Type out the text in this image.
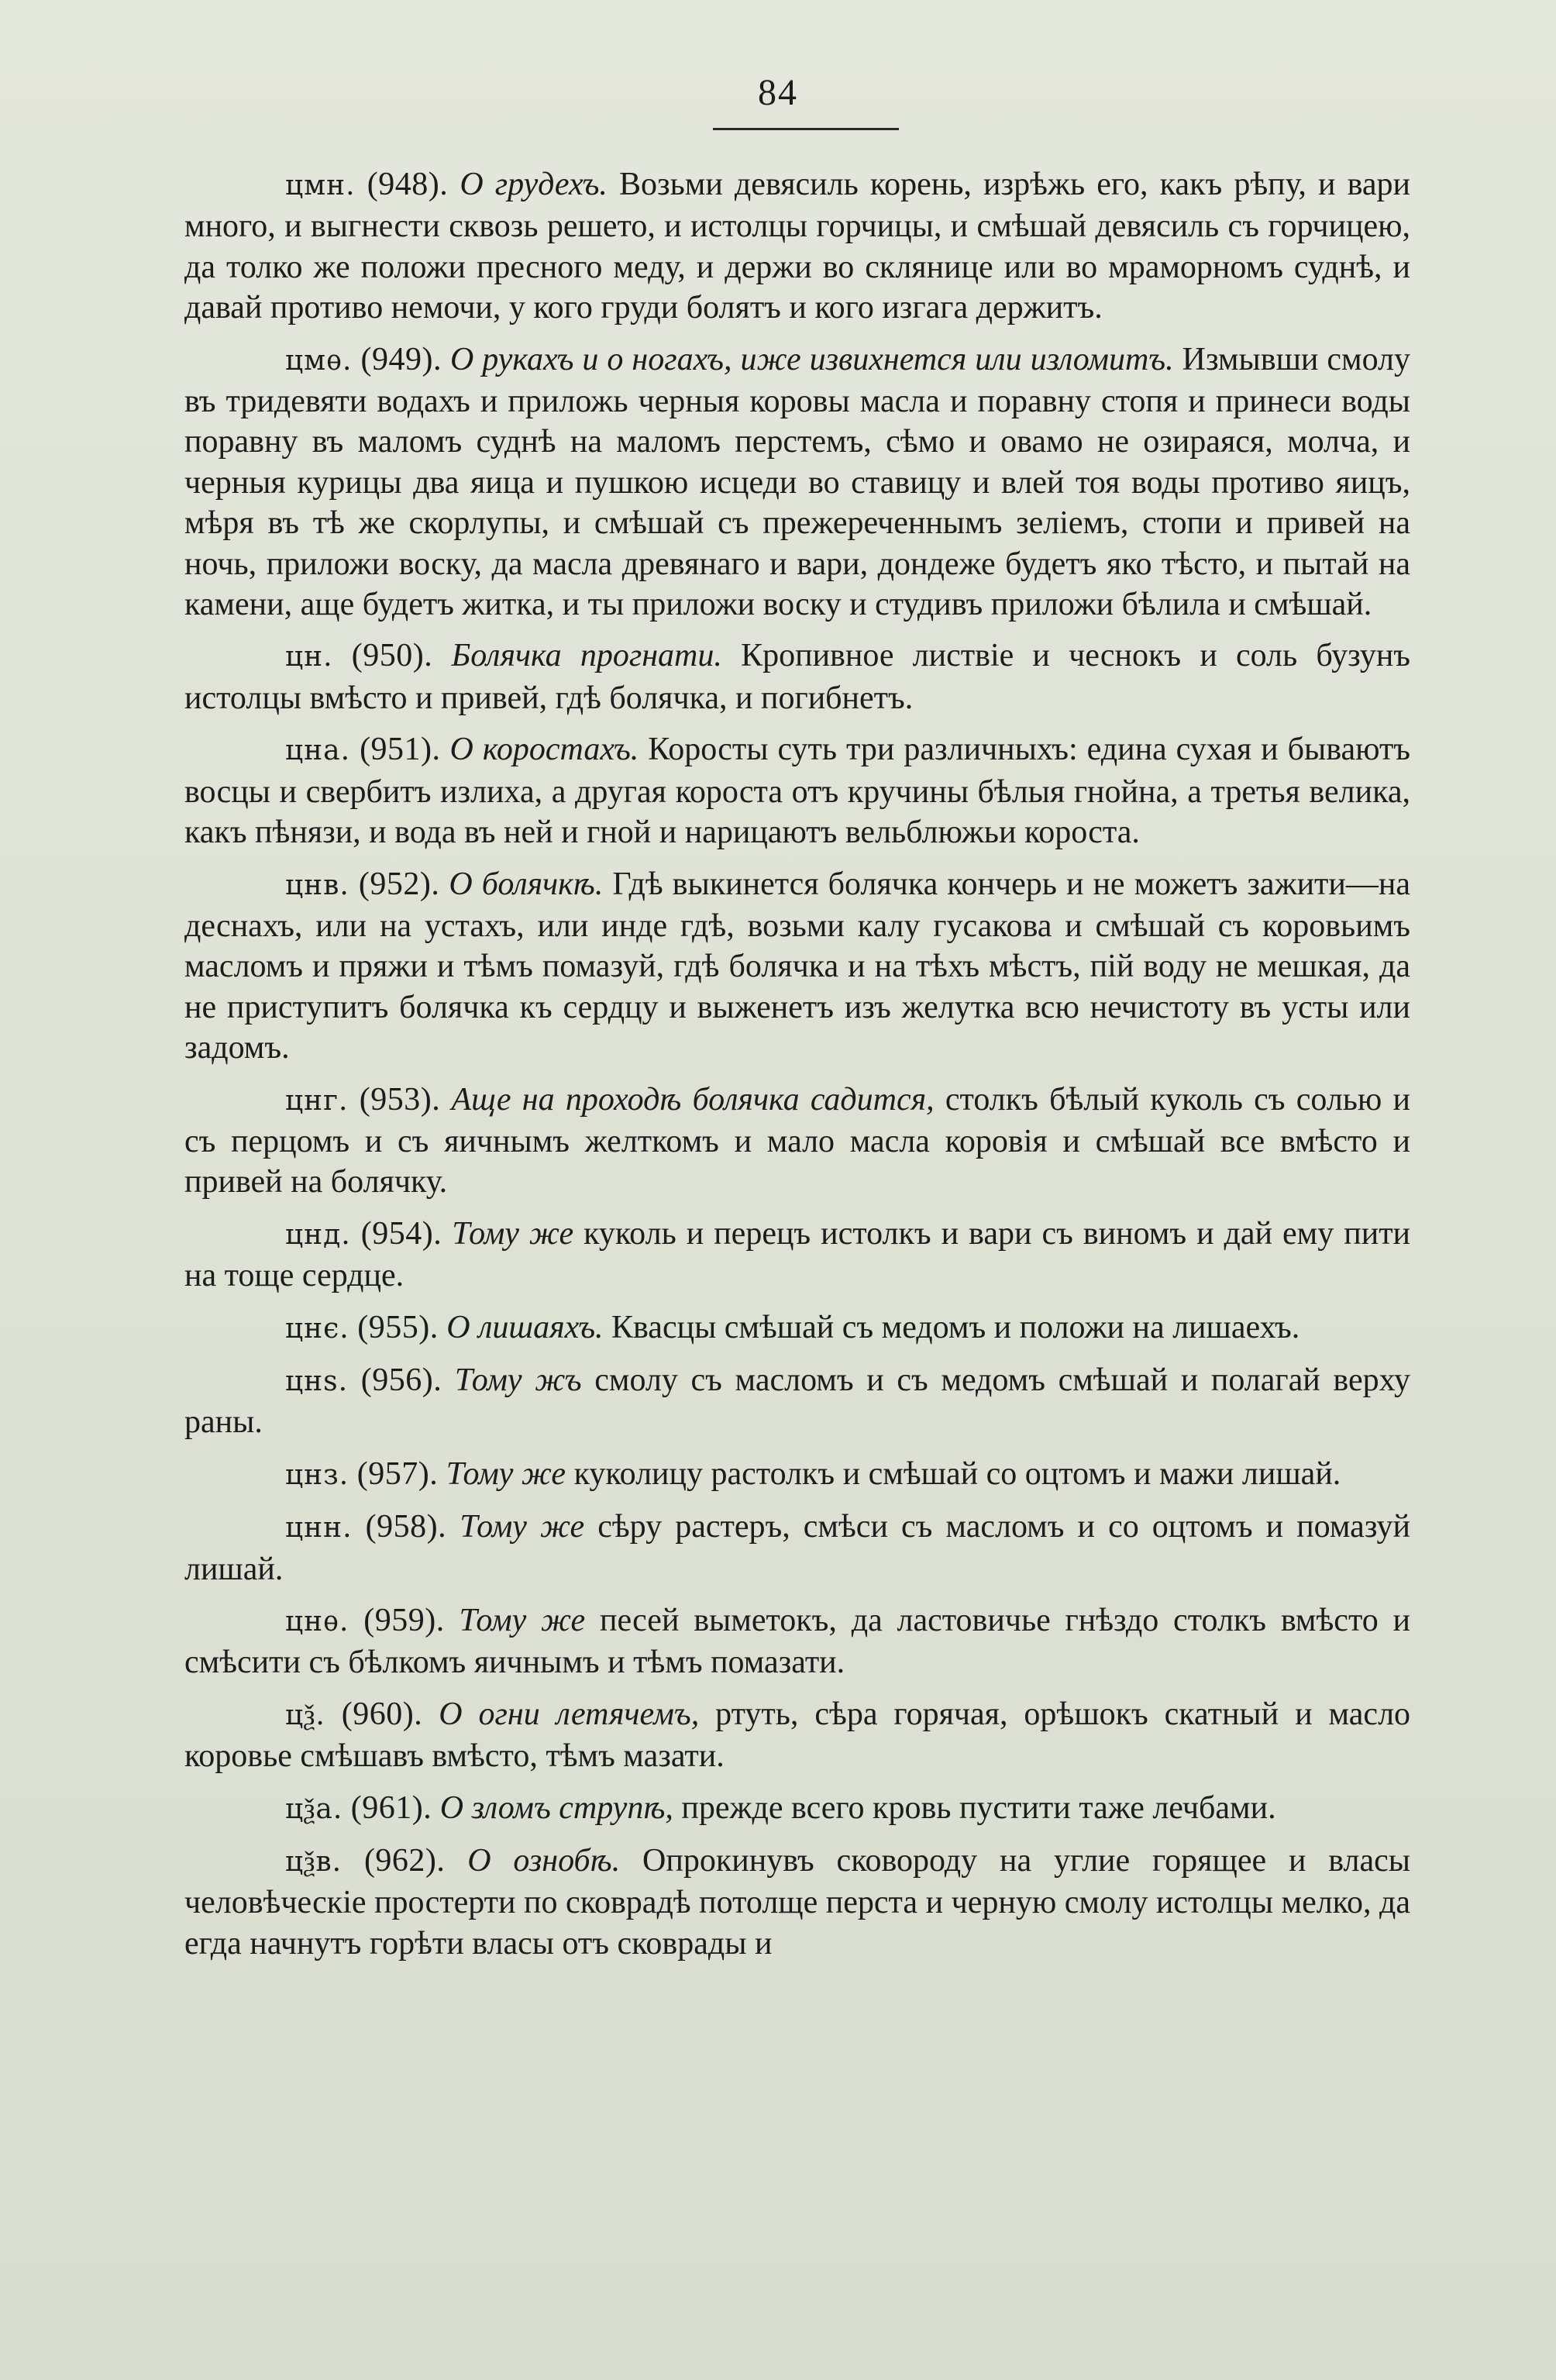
84

цмн. (948). О грудехъ. Возьми девясиль корень, изрѣжь его, какъ рѣпу, и вари много, и выгнести сквозь решето, и истолцы горчицы, и смѣшай девясиль съ горчицею, да толко же положи пресного меду, и держи во склянице или во мраморномъ суднѣ, и давай противо немочи, у кого груди болятъ и кого изгага держитъ.

цмѳ. (949). О рукахъ и о ногахъ, иже извихнется или изломитъ. Измывши смолу въ тридевяти водахъ и приложь черныя коровы масла и поравну стопя и принеси воды поравну въ маломъ суднѣ на маломъ перстемъ, сѣмо и овамо не озираяся, молча, и черныя курицы два яица и пушкою исцеди во ставицу и влей тоя воды противо яицъ, мѣря въ тѣ же скорлупы, и смѣшай съ прежереченнымъ зеліемъ, стопи и привей на ночь, приложи воску, да масла древянаго и вари, дондеже будетъ яко тѣсто, и пытай на камени, аще будетъ житка, и ты приложи воску и студивъ приложи бѣлила и смѣшай.

цн. (950). Болячка прогнати. Кропивное листвіе и чеснокъ и соль бузунъ истолцы вмѣсто и привей, гдѣ болячка, и погибнетъ.

цна. (951). О коростахъ. Коросты суть три различныхъ: едина сухая и бываютъ восцы и свербитъ излиха, а другая короста отъ кручины бѣлыя гнойна, а третья велика, какъ пѣнязи, и вода въ ней и гной и нарицаютъ вельблюжьи короста.

цнв. (952). О болячкѣ. Гдѣ выкинется болячка кончерь и не можетъ зажити—на деснахъ, или на устахъ, или инде гдѣ, возьми калу гусакова и смѣшай съ коровьимъ масломъ и пряжи и тѣмъ помазуй, гдѣ болячка и на тѣхъ мѣстъ, пій воду не мешкая, да не приступитъ болячка къ сердцу и выженетъ изъ желутка всю нечистоту въ усты или задомъ.

цнг. (953). Аще на проходѣ болячка садится, столкъ бѣлый куколь съ солью и съ перцомъ и съ яичнымъ желткомъ и мало масла коровія и смѣшай все вмѣсто и привей на болячку.

цнд. (954). Тому же куколь и перецъ истолкъ и вари съ виномъ и дай ему пити на тоще сердце.

цнє. (955). О лишаяхъ. Квасцы смѣшай съ медомъ и положи на лишаехъ.

цнѕ. (956). Тому жъ смолу съ масломъ и съ медомъ смѣшай и полагай верху раны.

цнз. (957). Тому же куколицу растолкъ и смѣшай со оцтомъ и мажи лишай.

цнн. (958). Тому же сѣру растеръ, смѣси съ масломъ и со оцтомъ и помазуй лишай.

цнѳ. (959). Тому же песей выметокъ, да ластовичье гнѣздо столкъ вмѣсто и смѣсити съ бѣлкомъ яичнымъ и тѣмъ помазати.

цѯ. (960). О огни летячемъ, ртуть, сѣра горячая, орѣшокъ скатный и масло коровье смѣшавъ вмѣсто, тѣмъ мазати.

цѯа. (961). О зломъ струпѣ, прежде всего кровь пустити таже лечбами.

цѯв. (962). О ознобѣ. Опрокинувъ сковороду на углие горящее и власы человѣческіе простерти по сковрадѣ потолще перста и черную смолу истолцы мелко, да егда начнутъ горѣти власы отъ сковрады и
